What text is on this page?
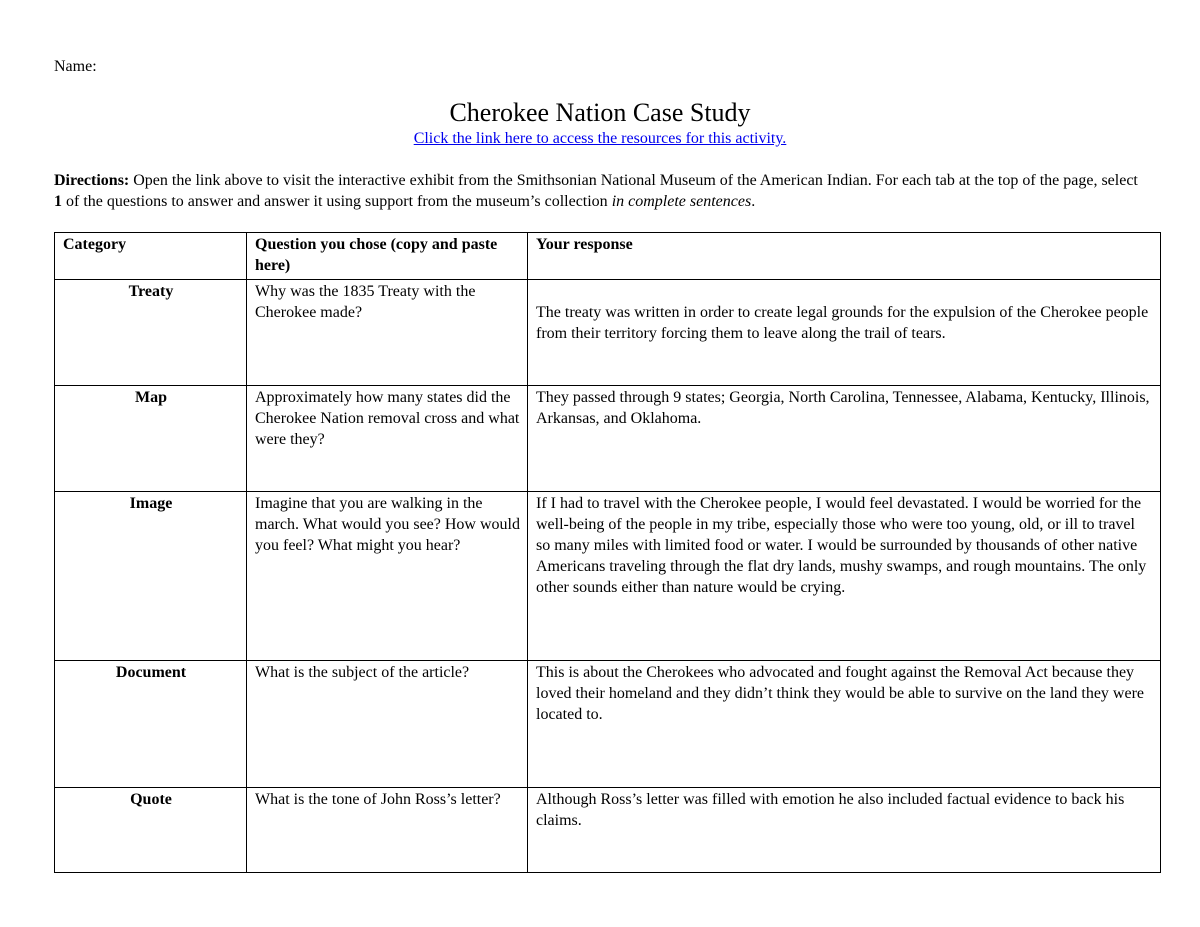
Name:
Cherokee Nation Case Study
Click the link here to access the resources for this activity.
Directions: Open the link above to visit the interactive exhibit from the Smithsonian National Museum of the American Indian. For each tab at the top of the page, select 1 of the questions to answer and answer it using support from the museum’s collection in complete sentences.
Category	Question you chose (copy and paste here)	Your response
Treaty	Why was the 1835 Treaty with the Cherokee made?	The treaty was written in order to create legal grounds for the expulsion of the Cherokee people from their territory forcing them to leave along the trail of tears.

Map	Approximately how many states did the Cherokee Nation removal cross and what were they?	They passed through 9 states; Georgia, North Carolina, Tennessee, Alabama, Kentucky, Illinois, Arkansas, and Oklahoma.
Image	Imagine that you are walking in the march. What would you see? How would you feel? What might you hear?	If I had to travel with the Cherokee people, I would feel devastated. I would be worried for the well-being of the people in my tribe, especially those who were too young, old, or ill to travel so many miles with limited food or water. I would be surrounded by thousands of other native Americans traveling through the flat dry lands, mushy swamps, and rough mountains. The only other sounds either than nature would be crying.
Document	What is the subject of the article?	This is about the Cherokees who advocated and fought against the Removal Act because they loved their homeland and they didn’t think they would be able to survive on the land they were located to.
Quote	What is the tone of John Ross’s letter?	Although Ross’s letter was filled with emotion he also included factual evidence to back his claims.
